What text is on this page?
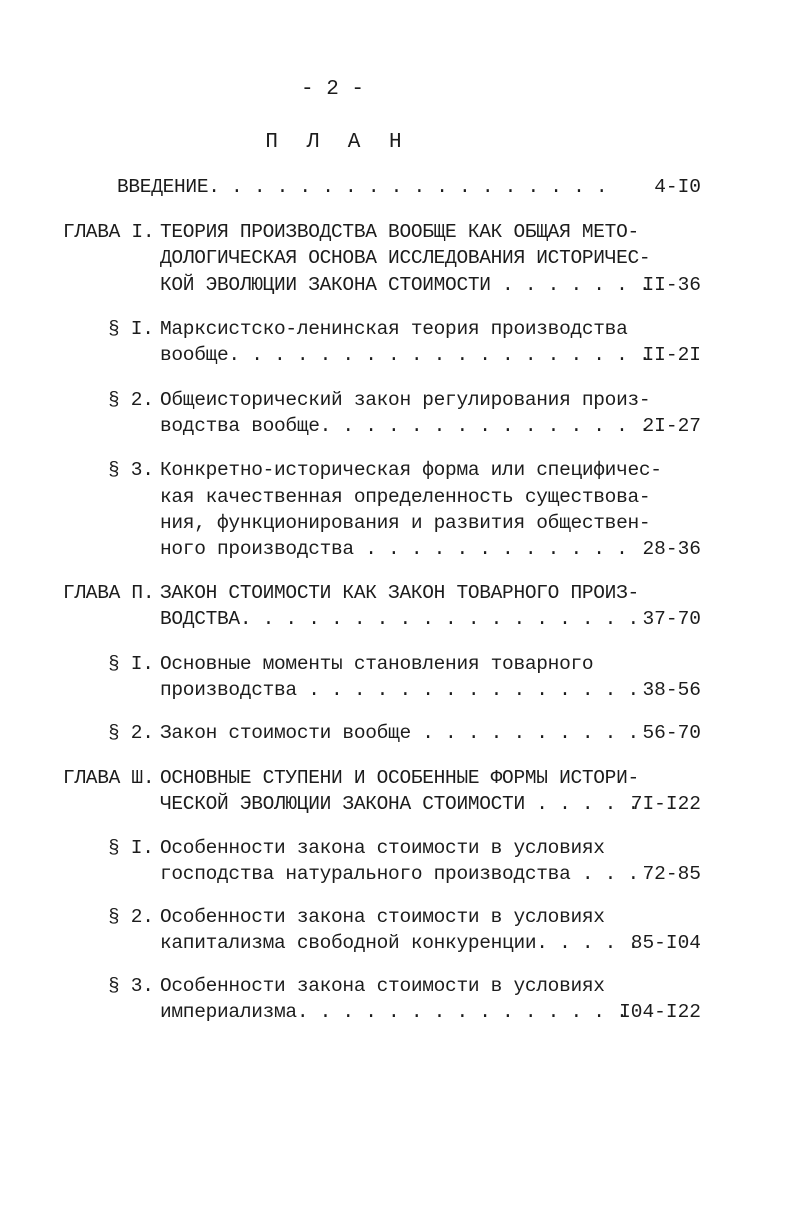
- 2 -
П Л А Н
ВВЕДЕНИЕ. . . . . . . . . . . . . . . . . . 4-I0
ГЛАВА I. ТЕОРИЯ ПРОИЗВОДСТВА ВООБЩЕ КАК ОБЩАЯ МЕТО-
ДОЛОГИЧЕСКАЯ ОСНОВА ИССЛЕДОВАНИЯ ИСТОРИЧЕС-
КОЙ ЭВОЛЮЦИИ ЗАКОНА СТОИМОСТИ . . . . . . .
II-36
§ I. Марксистско-ленинская теория производства
вообще. . . . . . . . . . . . . . . . . . .
II-2I
§ 2. Общеисторический закон регулирования произ-
водства вообще. . . . . . . . . . . . . . .
2I-27
§ 3. Конкретно-историческая форма или специфичес-
кая качественная определенность существова-
ния, функционирования и развития обществен-
ного производства . . . . . . . . . . . . 28-36
ГЛАВА П. ЗАКОН СТОИМОСТИ КАК ЗАКОН ТОВАРНОГО ПРОИЗ-
ВОДСТВА. . . . . . . . . . . . . . . . . . 37-70
§ I. Основные моменты становления товарного
производства . . . . . . . . . . . . . . . 38-56
§ 2. Закон стоимости вообще . . . . . . . . . . 56-70
ГЛАВА Ш. ОСНОВНЫЕ СТУПЕНИ И ОСОБЕННЫЕ ФОРМЫ ИСТОРИ-
ЧЕСКОЙ ЭВОЛЮЦИИ ЗАКОНА СТОИМОСТИ . . . . .
7I-I22
§ I. Особенности закона стоимости в условиях
господства натурального производства . . . 72-85
§ 2. Особенности закона стоимости в условиях
капитализма свободной конкуренции. . . . .
85-I04
§ 3. Особенности закона стоимости в условиях
империализма. . . . . . . . . . . . . . .
I04-I22
